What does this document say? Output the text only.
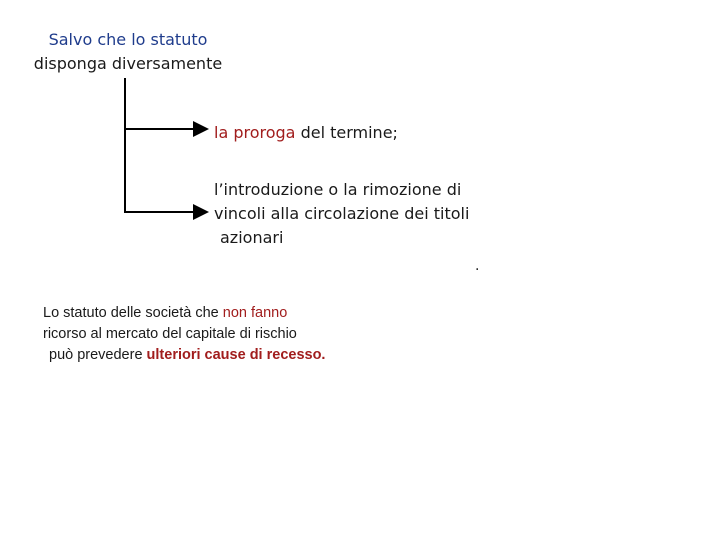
Salvo che lo statuto
disponga diversamente
la proroga del termine;
l’introduzione o la rimozione di
vincoli alla circolazione dei titoli
azionari
.
Lo statuto delle società che non fanno
ricorso al mercato del capitale di rischio
può prevedere ulteriori cause di recesso.
